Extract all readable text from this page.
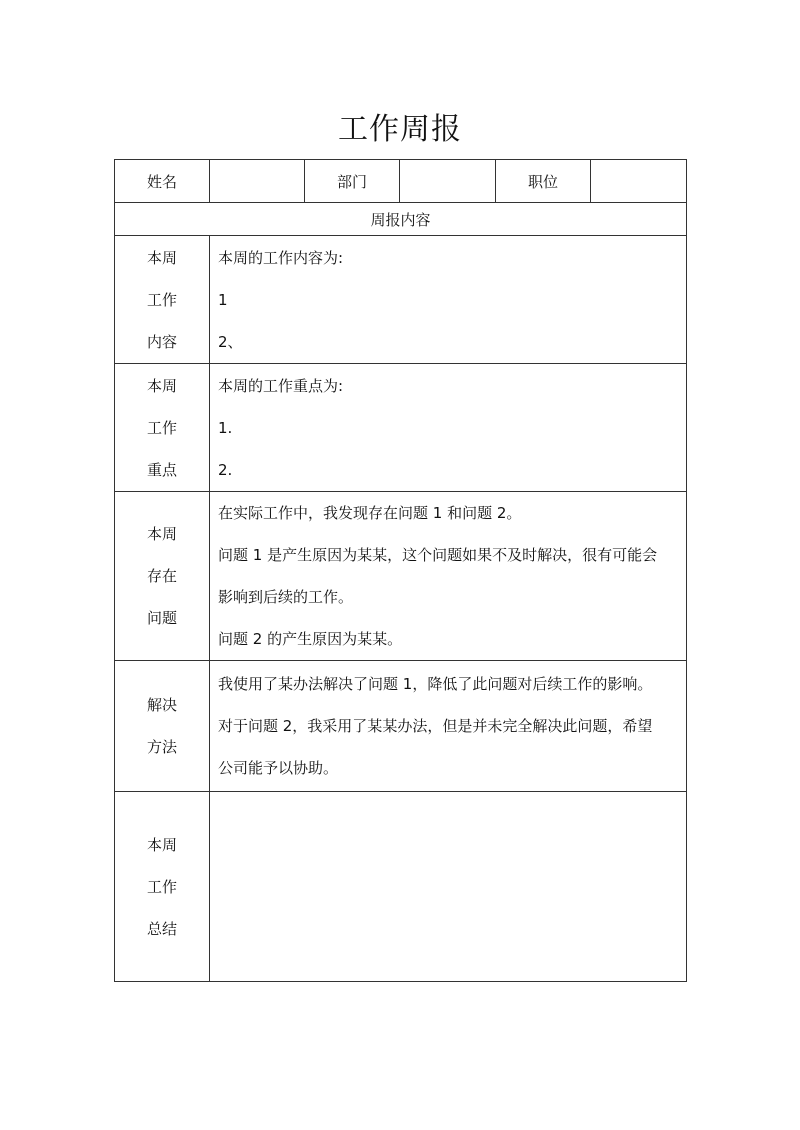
工作周报
姓名		部门		职位	
周报内容					

本周
工作
内容	本周的工作内容为:
1
2、				

本周
工作
重点	本周的工作重点为:
1.
2.				

本周
存在
问题	在实际工作中，我发现存在问题 1 和问题 2。
问题 1 是产生原因为某某，这个问题如果不及时解决，很有可能会
影响到后续的工作。
问题 2 的产生原因为某某。				

解决
方法	我使用了某办法解决了问题 1，降低了此问题对后续工作的影响。
对于问题 2，我采用了某某办法，但是并未完全解决此问题，希望
公司能予以协助。				

本周
工作
总结					
